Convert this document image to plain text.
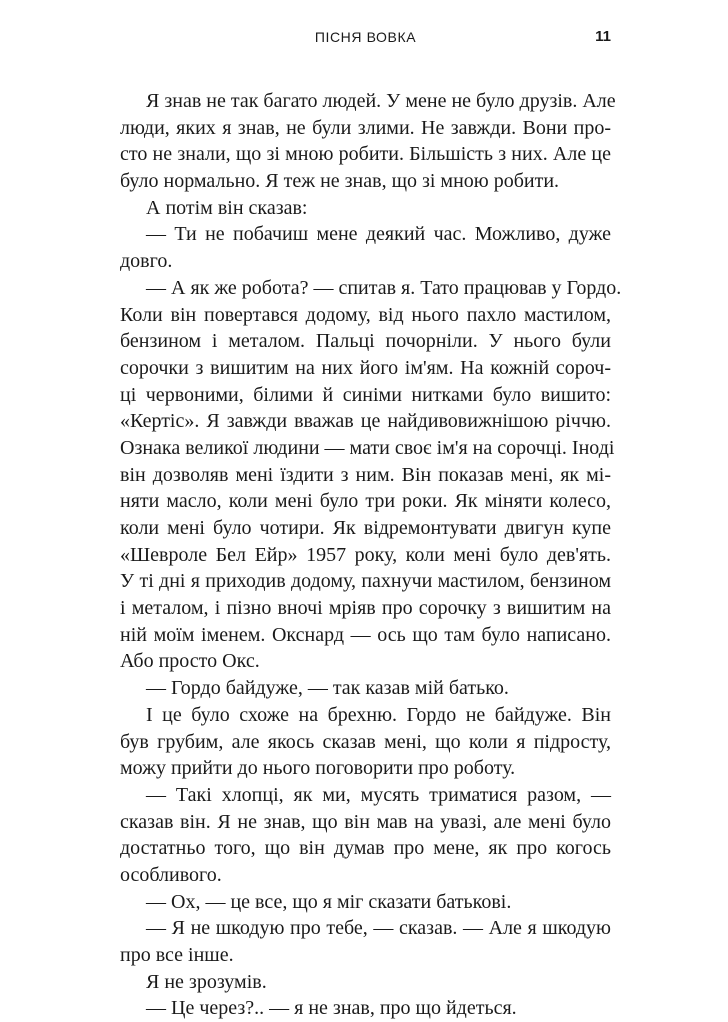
ПІСНЯ ВОВКА	11
Я знав не так багато людей. У мене не було друзів. Але
люди, яких я знав, не були злими. Не завжди. Вони про-
сто не знали, що зі мною робити. Більшість з них. Але це
було нормально. Я теж не знав, що зі мною робити.
А потім він сказав:
— Ти не побачиш мене деякий час. Можливо, дуже
довго.
— А як же робота? — спитав я. Тато працював у Гордо.
Коли він повертався додому, від нього пахло мастилом,
бензином і металом. Пальці почорніли. У нього були
сорочки з вишитим на них його ім'ям. На кожній сороч-
ці червоними, білими й синіми нитками було вишито:
«Кертіс». Я завжди вважав це найдивовижнішою річчю.
Ознака великої людини — мати своє ім'я на сорочці. Іноді
він дозволяв мені їздити з ним. Він показав мені, як мі-
няти масло, коли мені було три роки. Як міняти колесо,
коли мені було чотири. Як відремонтувати двигун купе
«Шевроле Бел Ейр» 1957 року, коли мені було дев'ять.
У ті дні я приходив додому, пахнучи мастилом, бензином
і металом, і пізно вночі мріяв про сорочку з вишитим на
ній моїм іменем. Окснард — ось що там було написано.
Або просто Окс.
— Гордо байдуже, — так казав мій батько.
І це було схоже на брехню. Гордо не байдуже. Він
був грубим, але якось сказав мені, що коли я підросту,
можу прийти до нього поговорити про роботу.
— Такі хлопці, як ми, мусять триматися разом, —
сказав він. Я не знав, що він мав на увазі, але мені було
достатньо того, що він думав про мене, як про когось
особливого.
— Ох, — це все, що я міг сказати батькові.
— Я не шкодую про тебе, — сказав. — Але я шкодую
про все інше.
Я не зрозумів.
— Це через?.. — я не знав, про що йдеться.
